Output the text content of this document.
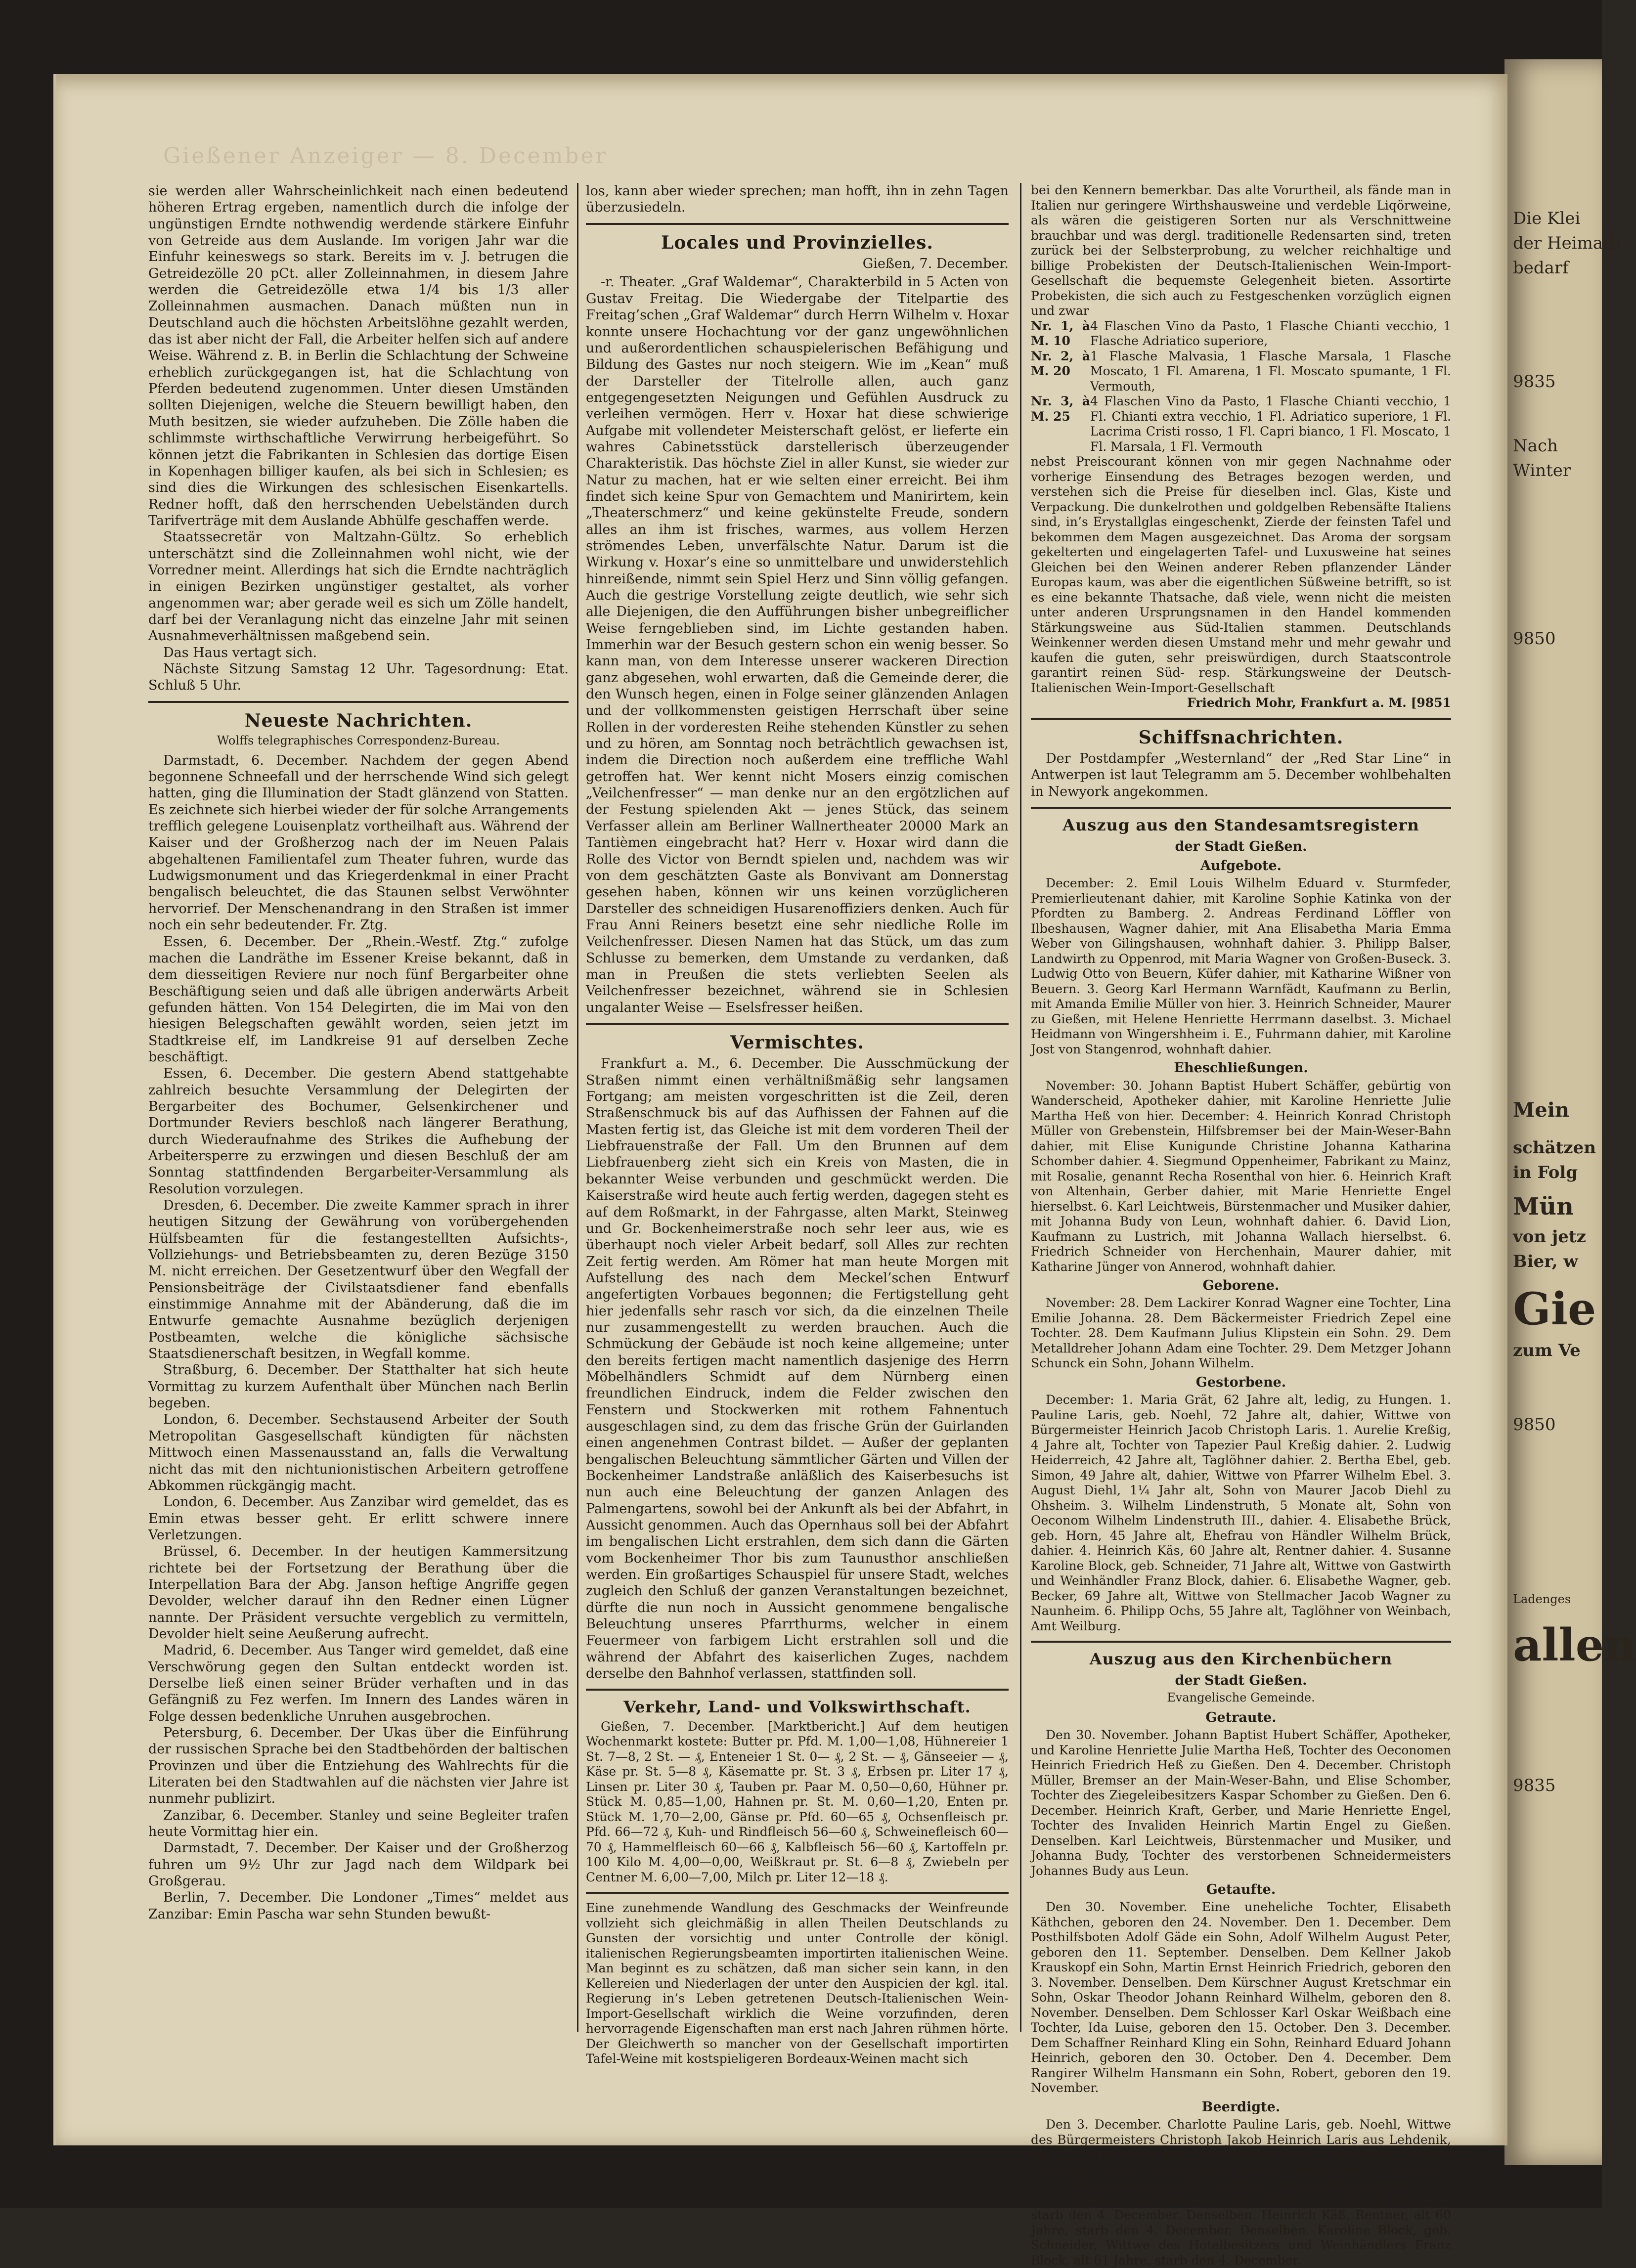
Gießener Anzeiger — 8. December

sie werden aller Wahrscheinlichkeit nach einen bedeutend höheren Ertrag ergeben, namentlich durch die infolge der ungünstigen Erndte nothwendig werdende stärkere Einfuhr von Getreide aus dem Auslande. Im vorigen Jahr war die Einfuhr keineswegs so stark. Bereits im v. J. betrugen die Getreidezölle 20 pCt. aller Zolleinnahmen, in diesem Jahre werden die Getreidezölle etwa 1/4 bis 1/3 aller Zolleinnahmen ausmachen. Danach müßten nun in Deutschland auch die höchsten Arbeitslöhne gezahlt werden, das ist aber nicht der Fall, die Arbeiter helfen sich auf andere Weise. Während z. B. in Berlin die Schlachtung der Schweine erheblich zurückgegangen ist, hat die Schlachtung von Pferden bedeutend zugenommen. Unter diesen Umständen sollten Diejenigen, welche die Steuern bewilligt haben, den Muth besitzen, sie wieder aufzuheben. Die Zölle haben die schlimmste wirthschaftliche Verwirrung herbeigeführt. So können jetzt die Fabrikanten in Schlesien das dortige Eisen in Kopenhagen billiger kaufen, als bei sich in Schlesien; es sind dies die Wirkungen des schlesischen Eisenkartells. Redner hofft, daß den herrschenden Uebelständen durch Tarifverträge mit dem Auslande Abhülfe geschaffen werde.

Staatssecretär von Maltzahn-Gültz. So erheblich unterschätzt sind die Zolleinnahmen wohl nicht, wie der Vorredner meint. Allerdings hat sich die Erndte nachträglich in einigen Bezirken ungünstiger gestaltet, als vorher angenommen war; aber gerade weil es sich um Zölle handelt, darf bei der Veranlagung nicht das einzelne Jahr mit seinen Ausnahmeverhältnissen maßgebend sein.

Das Haus vertagt sich.

Nächste Sitzung Samstag 12 Uhr. Tagesordnung: Etat. Schluß 5 Uhr.

Neueste Nachrichten.
Wolffs telegraphisches Correspondenz-Bureau.

Darmstadt, 6. December. Nachdem der gegen Abend begonnene Schneefall und der herrschende Wind sich gelegt hatten, ging die Illumination der Stadt glänzend von Statten. Es zeichnete sich hierbei wieder der für solche Arrangements trefflich gelegene Louisenplatz vortheilhaft aus. Während der Kaiser und der Großherzog nach der im Neuen Palais abgehaltenen Familientafel zum Theater fuhren, wurde das Ludwigsmonument und das Kriegerdenkmal in einer Pracht bengalisch beleuchtet, die das Staunen selbst Verwöhnter hervorrief. Der Menschenandrang in den Straßen ist immer noch ein sehr bedeutender. Fr. Ztg.

Essen, 6. December. Der „Rhein.-Westf. Ztg.“ zufolge machen die Landräthe im Essener Kreise bekannt, daß in dem diesseitigen Reviere nur noch fünf Bergarbeiter ohne Beschäftigung seien und daß alle übrigen anderwärts Arbeit gefunden hätten. Von 154 Delegirten, die im Mai von den hiesigen Belegschaften gewählt worden, seien jetzt im Stadtkreise elf, im Landkreise 91 auf derselben Zeche beschäftigt.

Essen, 6. December. Die gestern Abend stattgehabte zahlreich besuchte Versammlung der Delegirten der Bergarbeiter des Bochumer, Gelsenkirchener und Dortmunder Reviers beschloß nach längerer Berathung, durch Wiederaufnahme des Strikes die Aufhebung der Arbeitersperre zu erzwingen und diesen Beschluß der am Sonntag stattfindenden Bergarbeiter-Versammlung als Resolution vorzulegen.

Dresden, 6. December. Die zweite Kammer sprach in ihrer heutigen Sitzung der Gewährung von vorübergehenden Hülfsbeamten für die festangestellten Aufsichts-, Vollziehungs- und Betriebsbeamten zu, deren Bezüge 3150 M. nicht erreichen. Der Gesetzentwurf über den Wegfall der Pensionsbeiträge der Civilstaatsdiener fand ebenfalls einstimmige Annahme mit der Abänderung, daß die im Entwurfe gemachte Ausnahme bezüglich derjenigen Postbeamten, welche die königliche sächsische Staatsdienerschaft besitzen, in Wegfall komme.

Straßburg, 6. December. Der Statthalter hat sich heute Vormittag zu kurzem Aufenthalt über München nach Berlin begeben.

London, 6. December. Sechstausend Arbeiter der South Metropolitan Gasgesellschaft kündigten für nächsten Mittwoch einen Massenausstand an, falls die Verwaltung nicht das mit den nichtunionistischen Arbeitern getroffene Abkommen rückgängig macht.

London, 6. December. Aus Zanzibar wird gemeldet, das es Emin etwas besser geht. Er erlitt schwere innere Verletzungen.

Brüssel, 6. December. In der heutigen Kammersitzung richtete bei der Fortsetzung der Berathung über die Interpellation Bara der Abg. Janson heftige Angriffe gegen Devolder, welcher darauf ihn den Redner einen Lügner nannte. Der Präsident versuchte vergeblich zu vermitteln, Devolder hielt seine Aeußerung aufrecht.

Madrid, 6. December. Aus Tanger wird gemeldet, daß eine Verschwörung gegen den Sultan entdeckt worden ist. Derselbe ließ einen seiner Brüder verhaften und in das Gefängniß zu Fez werfen. Im Innern des Landes wären in Folge dessen bedenkliche Unruhen ausgebrochen.

Petersburg, 6. December. Der Ukas über die Einführung der russischen Sprache bei den Stadtbehörden der baltischen Provinzen und über die Entziehung des Wahlrechts für die Literaten bei den Stadtwahlen auf die nächsten vier Jahre ist nunmehr publizirt.

Zanzibar, 6. December. Stanley und seine Begleiter trafen heute Vormittag hier ein.

Darmstadt, 7. December. Der Kaiser und der Großherzog fuhren um 9½ Uhr zur Jagd nach dem Wildpark bei Großgerau.

Berlin, 7. December. Die Londoner „Times“ meldet aus Zanzibar: Emin Pascha war sehn Stunden bewußt-

los, kann aber wieder sprechen; man hofft, ihn in zehn Tagen überzusiedeln.

Locales und Provinzielles.
Gießen, 7. December.

-r. Theater. „Graf Waldemar“, Charakterbild in 5 Acten von Gustav Freitag. Die Wiedergabe der Titelpartie des Freitag’schen „Graf Waldemar“ durch Herrn Wilhelm v. Hoxar konnte unsere Hochachtung vor der ganz ungewöhnlichen und außerordentlichen schauspielerischen Befähigung und Bildung des Gastes nur noch steigern. Wie im „Kean“ muß der Darsteller der Titelrolle allen, auch ganz entgegengesetzten Neigungen und Gefühlen Ausdruck zu verleihen vermögen. Herr v. Hoxar hat diese schwierige Aufgabe mit vollendeter Meisterschaft gelöst, er lieferte ein wahres Cabinetsstück darstellerisch überzeugender Charakteristik. Das höchste Ziel in aller Kunst, sie wieder zur Natur zu machen, hat er wie selten einer erreicht. Bei ihm findet sich keine Spur von Gemachtem und Manirirtem, kein „Theaterschmerz“ und keine gekünstelte Freude, sondern alles an ihm ist frisches, warmes, aus vollem Herzen strömendes Leben, unverfälschte Natur. Darum ist die Wirkung v. Hoxar’s eine so unmittelbare und unwiderstehlich hinreißende, nimmt sein Spiel Herz und Sinn völlig gefangen. Auch die gestrige Vorstellung zeigte deutlich, wie sehr sich alle Diejenigen, die den Aufführungen bisher unbegreiflicher Weise ferngeblieben sind, im Lichte gestanden haben. Immerhin war der Besuch gestern schon ein wenig besser. So kann man, von dem Interesse unserer wackeren Direction ganz abgesehen, wohl erwarten, daß die Gemeinde derer, die den Wunsch hegen, einen in Folge seiner glänzenden Anlagen und der vollkommensten geistigen Herrschaft über seine Rollen in der vorderesten Reihe stehenden Künstler zu sehen und zu hören, am Sonntag noch beträchtlich gewachsen ist, indem die Direction noch außerdem eine treffliche Wahl getroffen hat. Wer kennt nicht Mosers einzig comischen „Veilchenfresser“ — man denke nur an den ergötzlichen auf der Festung spielenden Akt — jenes Stück, das seinem Verfasser allein am Berliner Wallnertheater 20000 Mark an Tantièmen eingebracht hat? Herr v. Hoxar wird dann die Rolle des Victor von Berndt spielen und, nachdem was wir von dem geschätzten Gaste als Bonvivant am Donnerstag gesehen haben, können wir uns keinen vorzüglicheren Darsteller des schneidigen Husarenoffiziers denken. Auch für Frau Anni Reiners besetzt eine sehr niedliche Rolle im Veilchenfresser. Diesen Namen hat das Stück, um das zum Schlusse zu bemerken, dem Umstande zu verdanken, daß man in Preußen die stets verliebten Seelen als Veilchenfresser bezeichnet, während sie in Schlesien ungalanter Weise — Eselsfresser heißen.

Vermischtes.

Frankfurt a. M., 6. December. Die Ausschmückung der Straßen nimmt einen verhältnißmäßig sehr langsamen Fortgang; am meisten vorgeschritten ist die Zeil, deren Straßenschmuck bis auf das Aufhissen der Fahnen auf die Masten fertig ist, das Gleiche ist mit dem vorderen Theil der Liebfrauenstraße der Fall. Um den Brunnen auf dem Liebfrauenberg zieht sich ein Kreis von Masten, die in bekannter Weise verbunden und geschmückt werden. Die Kaiserstraße wird heute auch fertig werden, dagegen steht es auf dem Roßmarkt, in der Fahrgasse, alten Markt, Steinweg und Gr. Bockenheimerstraße noch sehr leer aus, wie es überhaupt noch vieler Arbeit bedarf, soll Alles zur rechten Zeit fertig werden. Am Römer hat man heute Morgen mit Aufstellung des nach dem Meckel’schen Entwurf angefertigten Vorbaues begonnen; die Fertigstellung geht hier jedenfalls sehr rasch vor sich, da die einzelnen Theile nur zusammengestellt zu werden brauchen. Auch die Schmückung der Gebäude ist noch keine allgemeine; unter den bereits fertigen macht namentlich dasjenige des Herrn Möbelhändlers Schmidt auf dem Nürnberg einen freundlichen Eindruck, indem die Felder zwischen den Fenstern und Stockwerken mit rothem Fahnentuch ausgeschlagen sind, zu dem das frische Grün der Guirlanden einen angenehmen Contrast bildet. — Außer der geplanten bengalischen Beleuchtung sämmtlicher Gärten und Villen der Bockenheimer Landstraße anläßlich des Kaiserbesuchs ist nun auch eine Beleuchtung der ganzen Anlagen des Palmengartens, sowohl bei der Ankunft als bei der Abfahrt, in Aussicht genommen. Auch das Opernhaus soll bei der Abfahrt im bengalischen Licht erstrahlen, dem sich dann die Gärten vom Bockenheimer Thor bis zum Taunusthor anschließen werden. Ein großartiges Schauspiel für unsere Stadt, welches zugleich den Schluß der ganzen Veranstaltungen bezeichnet, dürfte die nun noch in Aussicht genommene bengalische Beleuchtung unseres Pfarrthurms, welcher in einem Feuermeer von farbigem Licht erstrahlen soll und die während der Abfahrt des kaiserlichen Zuges, nachdem derselbe den Bahnhof verlassen, stattfinden soll.

Verkehr, Land- und Volkswirthschaft.

Gießen, 7. December. [Marktbericht.] Auf dem heutigen Wochenmarkt kostete: Butter pr. Pfd. M. 1,00—1,08, Hühnereier 1 St. 7—8, 2 St. — ₰, Enteneier 1 St. 0— ₰, 2 St. — ₰, Gänseeier — ₰, Käse pr. St. 5—8 ₰, Käsematte pr. St. 3 ₰, Erbsen pr. Liter 17 ₰, Linsen pr. Liter 30 ₰, Tauben pr. Paar M. 0,50—0,60, Hühner pr. Stück M. 0,85—1,00, Hahnen pr. St. M. 0,60—1,20, Enten pr. Stück M. 1,70—2,00, Gänse pr. Pfd. 60—65 ₰, Ochsenfleisch pr. Pfd. 66—72 ₰, Kuh- und Rindfleisch 56—60 ₰, Schweinefleisch 60—70 ₰, Hammelfleisch 60—66 ₰, Kalbfleisch 56—60 ₰, Kartoffeln pr. 100 Kilo M. 4,00—0,00, Weißkraut pr. St. 6—8 ₰, Zwiebeln per Centner M. 6,00—7,00, Milch pr. Liter 12—18 ₰.

Eine zunehmende Wandlung des Geschmacks der Weinfreunde vollzieht sich gleichmäßig in allen Theilen Deutschlands zu Gunsten der vorsichtig und unter Controlle der königl. italienischen Regierungsbeamten importirten italienischen Weine. Man beginnt es zu schätzen, daß man sicher sein kann, in den Kellereien und Niederlagen der unter den Auspicien der kgl. ital. Regierung in’s Leben getretenen Deutsch-Italienischen Wein-Import-Gesellschaft wirklich die Weine vorzufinden, deren hervorragende Eigenschaften man erst nach Jahren rühmen hörte. Der Gleichwerth so mancher von der Gesellschaft importirten Tafel-Weine mit kostspieligeren Bordeaux-Weinen macht sich

bei den Kennern bemerkbar. Das alte Vorurtheil, als fände man in Italien nur geringere Wirthshausweine und verdeble Liqörweine, als wären die geistigeren Sorten nur als Verschnittweine brauchbar und was dergl. traditionelle Redensarten sind, treten zurück bei der Selbsterprobung, zu welcher reichhaltige und billige Probekisten der Deutsch-Italienischen Wein-Import-Gesellschaft die bequemste Gelegenheit bieten. Assortirte Probekisten, die sich auch zu Festgeschenken vorzüglich eignen und zwar

Nr. 1, à M. 10
4 Flaschen Vino da Pasto, 1 Flasche Chianti vecchio, 1 Flasche Adriatico superiore,
Nr. 2, à M. 20
1 Flasche Malvasia, 1 Flasche Marsala, 1 Flasche Moscato, 1 Fl. Amarena, 1 Fl. Moscato spumante, 1 Fl. Vermouth,
Nr. 3, à M. 25
4 Flaschen Vino da Pasto, 1 Flasche Chianti vecchio, 1 Fl. Chianti extra vecchio, 1 Fl. Adriatico superiore, 1 Fl. Lacrima Cristi rosso, 1 Fl. Capri bianco, 1 Fl. Moscato, 1 Fl. Marsala, 1 Fl. Vermouth

nebst Preiscourant können von mir gegen Nachnahme oder vorherige Einsendung des Betrages bezogen werden, und verstehen sich die Preise für dieselben incl. Glas, Kiste und Verpackung. Die dunkelrothen und goldgelben Rebensäfte Italiens sind, in’s Erystallglas eingeschenkt, Zierde der feinsten Tafel und bekommen dem Magen ausgezeichnet. Das Aroma der sorgsam gekelterten und eingelagerten Tafel- und Luxusweine hat seines Gleichen bei den Weinen anderer Reben pflanzender Länder Europas kaum, was aber die eigentlichen Süßweine betrifft, so ist es eine bekannte Thatsache, daß viele, wenn nicht die meisten unter anderen Ursprungsnamen in den Handel kommenden Stärkungsweine aus Süd-Italien stammen. Deutschlands Weinkenner werden diesen Umstand mehr und mehr gewahr und kaufen die guten, sehr preiswürdigen, durch Staatscontrole garantirt reinen Süd- resp. Stärkungsweine der Deutsch-Italienischen Wein-Import-Gesellschaft

Friedrich Mohr, Frankfurt a. M. [9851
Schiffsnachrichten.

Der Postdampfer „Westernland“ der „Red Star Line“ in Antwerpen ist laut Telegramm am 5. December wohlbehalten in Newyork angekommen.

Auszug aus den Standesamtsregistern
der Stadt Gießen.
Aufgebote.

December: 2. Emil Louis Wilhelm Eduard v. Sturmfeder, Premierlieutenant dahier, mit Karoline Sophie Katinka von der Pfordten zu Bamberg. 2. Andreas Ferdinand Löffler von Ilbeshausen, Wagner dahier, mit Ana Elisabetha Maria Emma Weber von Gilingshausen, wohnhaft dahier. 3. Philipp Balser, Landwirth zu Oppenrod, mit Maria Wagner von Großen-Buseck. 3. Ludwig Otto von Beuern, Küfer dahier, mit Katharine Wißner von Beuern. 3. Georg Karl Hermann Warnfädt, Kaufmann zu Berlin, mit Amanda Emilie Müller von hier. 3. Heinrich Schneider, Maurer zu Gießen, mit Helene Henriette Herrmann daselbst. 3. Michael Heidmann von Wingershheim i. E., Fuhrmann dahier, mit Karoline Jost von Stangenrod, wohnhaft dahier.

Eheschließungen.

November: 30. Johann Baptist Hubert Schäffer, gebürtig von Wanderscheid, Apotheker dahier, mit Karoline Henriette Julie Martha Heß von hier. December: 4. Heinrich Konrad Christoph Müller von Grebenstein, Hilfsbremser bei der Main-Weser-Bahn dahier, mit Elise Kunigunde Christine Johanna Katharina Schomber dahier. 4. Siegmund Oppenheimer, Fabrikant zu Mainz, mit Rosalie, genannt Recha Rosenthal von hier. 6. Heinrich Kraft von Altenhain, Gerber dahier, mit Marie Henriette Engel hierselbst. 6. Karl Leichtweis, Bürstenmacher und Musiker dahier, mit Johanna Budy von Leun, wohnhaft dahier. 6. David Lion, Kaufmann zu Lustrich, mit Johanna Wallach hierselbst. 6. Friedrich Schneider von Herchenhain, Maurer dahier, mit Katharine Jünger von Annerod, wohnhaft dahier.

Geborene.

November: 28. Dem Lackirer Konrad Wagner eine Tochter, Lina Emilie Johanna. 28. Dem Bäckermeister Friedrich Zepel eine Tochter. 28. Dem Kaufmann Julius Klipstein ein Sohn. 29. Dem Metalldreher Johann Adam eine Tochter. 29. Dem Metzger Johann Schunck ein Sohn, Johann Wilhelm.

Gestorbene.

December: 1. Maria Grät, 62 Jahre alt, ledig, zu Hungen. 1. Pauline Laris, geb. Noehl, 72 Jahre alt, dahier, Wittwe von Bürgermeister Heinrich Jacob Christoph Laris. 1. Aurelie Kreßig, 4 Jahre alt, Tochter von Tapezier Paul Kreßig dahier. 2. Ludwig Heiderreich, 42 Jahre alt, Taglöhner dahier. 2. Bertha Ebel, geb. Simon, 49 Jahre alt, dahier, Wittwe von Pfarrer Wilhelm Ebel. 3. August Diehl, 1¼ Jahr alt, Sohn von Maurer Jacob Diehl zu Ohsheim. 3. Wilhelm Lindenstruth, 5 Monate alt, Sohn von Oeconom Wilhelm Lindenstruth III., dahier. 4. Elisabethe Brück, geb. Horn, 45 Jahre alt, Ehefrau von Händler Wilhelm Brück, dahier. 4. Heinrich Käs, 60 Jahre alt, Rentner dahier. 4. Susanne Karoline Block, geb. Schneider, 71 Jahre alt, Wittwe von Gastwirth und Weinhändler Franz Block, dahier. 6. Elisabethe Wagner, geb. Becker, 69 Jahre alt, Wittwe von Stellmacher Jacob Wagner zu Naunheim. 6. Philipp Ochs, 55 Jahre alt, Taglöhner von Weinbach, Amt Weilburg.

Auszug aus den Kirchenbüchern
der Stadt Gießen.
Evangelische Gemeinde.
Getraute.

Den 30. November. Johann Baptist Hubert Schäffer, Apotheker, und Karoline Henriette Julie Martha Heß, Tochter des Oeconomen Heinrich Friedrich Heß zu Gießen. Den 4. December. Christoph Müller, Bremser an der Main-Weser-Bahn, und Elise Schomber, Tochter des Ziegeleibesitzers Kaspar Schomber zu Gießen. Den 6. December. Heinrich Kraft, Gerber, und Marie Henriette Engel, Tochter des Invaliden Heinrich Martin Engel zu Gießen. Denselben. Karl Leichtweis, Bürstenmacher und Musiker, und Johanna Budy, Tochter des verstorbenen Schneidermeisters Johannes Budy aus Leun.

Getaufte.

Den 30. November. Eine uneheliche Tochter, Elisabeth Käthchen, geboren den 24. November. Den 1. December. Dem Posthilfsboten Adolf Gäde ein Sohn, Adolf Wilhelm August Peter, geboren den 11. September. Denselben. Dem Kellner Jakob Krauskopf ein Sohn, Martin Ernst Heinrich Friedrich, geboren den 3. November. Denselben. Dem Kürschner August Kretschmar ein Sohn, Oskar Theodor Johann Reinhard Wilhelm, geboren den 8. November. Denselben. Dem Schlosser Karl Oskar Weißbach eine Tochter, Ida Luise, geboren den 15. October. Den 3. December. Dem Schaffner Reinhard Kling ein Sohn, Reinhard Eduard Johann Heinrich, geboren den 30. October. Den 4. December. Dem Rangirer Wilhelm Hansmann ein Sohn, Robert, geboren den 19. November.

Beerdigte.

Den 3. December. Charlotte Pauline Laris, geb. Noehl, Wittwe des Bürgermeisters Christoph Jakob Heinrich Laris aus Lehdenik, alt 72 Jahre, starb den 1. December. Den 4. December. Bertha Ebel, geb. Simon, Wittwe des Pfarrers Rudolf Ebel, alt 49 Jahre, starb den 2. December. Den 6. December. Elisabethe Brück, geb. Horn, Ehefrau des Handelsmanns Wilhelm Brück, alt 45 Jahre, starb den 4. December. Denselben. Heinrich Käß, Rentner, alt 60 Jahre, starb den 4. December. Denselben. Karoline Block, geb. Schneider, Wittwe des Hotelbesitzers und Weinhändlers Franz Block, alt 61 Jahre, starb den 4. December.

Die Klei
der Heimath
bedarf
9835
Nach
Winter
9850
Mein
schätzen
in Folg
Mün
von jetz
Bier, w
Gie
zum Ve
9850
allen
9835
Ladenges
